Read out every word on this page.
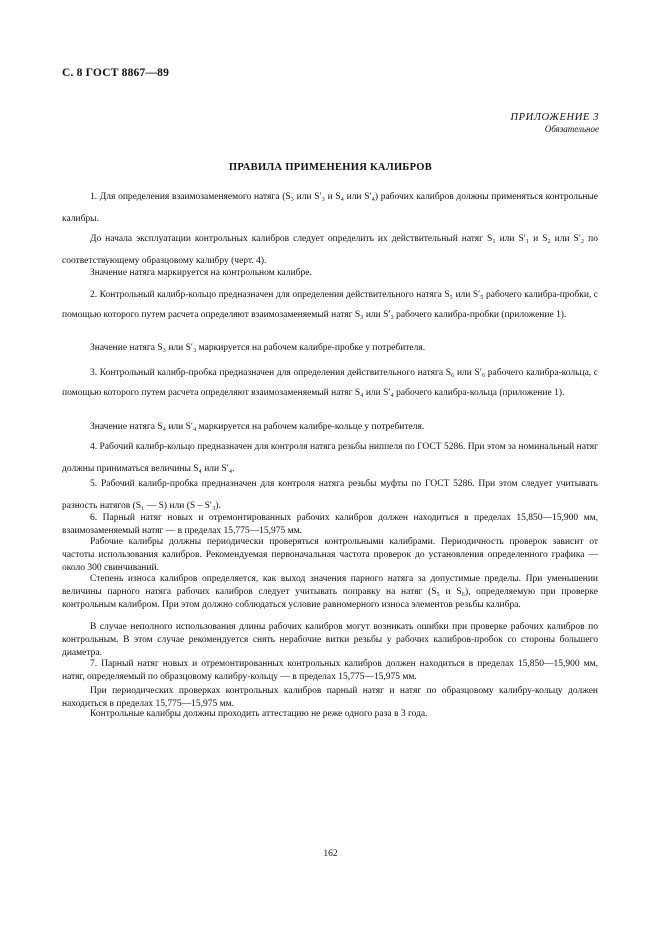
С. 8 ГОСТ 8867—89
ПРИЛОЖЕНИЕ 3
Обязательное
ПРАВИЛА ПРИМЕНЕНИЯ КАЛИБРОВ
1. Для определения взаимозаменяемого натяга (S₃ или S′₃ и S₄ или S′₄) рабочих калибров должны применяться контрольные калибры.
До начала эксплуатации контрольных калибров следует определить их действительный натяг S₁ или S′₁ и S₂ или S′₂ по соответствующему образцовому калибру (черт. 4).
Значение натяга маркируется на контрольном калибре.
2. Контрольный калибр-кольцо предназначен для определения действительного натяга S₅ или S′₅ рабочего калибра-пробки, с помощью которого путем расчета определяют взаимозаменяемый натяг S₃ или S′₃ рабочего калибра-пробки (приложение 1).
Значение натяга S₃ или S′₃ маркируется на рабочем калибре-пробке у потребителя.
3. Контрольный калибр-пробка предназначен для определения действительного натяга S₆ или S′₆ рабочего калибра-кольца, с помощью которого путем расчета определяют взаимозаменяемый натяг S₄ или S′₄ рабочего калибра-кольца (приложение 1).
Значение натяга S₄ или S′₄ маркируется на рабочем калибре-кольце у потребителя.
4. Рабочий калибр-кольцо предназначен для контроля натяга резьбы ниппеля по ГОСТ 5286. При этом за номинальный натяг должны приниматься величины S₄ или S′₄.
5. Рабочий калибр-пробка предназначен для контроля натяга резьбы муфты по ГОСТ 5286. При этом следует учитывать разность натягов (S₁ — S) или (S – S′₃).
6. Парный натяг новых и отремонтированных рабочих калибров должен находиться в пределах 15,850—15,900 мм, взаимозаменяемый натяг — в пределах 15,775—15,975 мм.
Рабочие калибры должны периодически проверяться контрольными калибрами. Периодичность проверок зависит от частоты использования калибров. Рекомендуемая первоначальная частота проверок до установления определенного графика — около 300 свинчиваний.
Степень износа калибров определяется, как выход значения парного натяга за допустимые пределы. При уменьшении величины парного натяга рабочих калибров следует учитывать поправку на натяг (S₅ и S₆), определяемую при проверке контрольным калибром. При этом должно соблюдаться условие равномерного износа элементов резьбы калибра.
В случае неполного использования длины рабочих калибров могут возникать ошибки при проверке рабочих калибров по контрольным. В этом случае рекомендуется снять нерабочие витки резьбы у рабочих калибров-пробок со стороны большего диаметра.
7. Парный натяг новых и отремонтированных контрольных калибров должен находиться в пределах 15,850—15,900 мм, натяг, определяемый по образцовому калибру-кольцу — в пределах 15,775—15,975 мм.
При периодических проверках контрольных калибров парный натяг и натяг по образцовому калибру-кольцу должен находиться в пределах 15,775—15,975 мм.
Контрольные калибры должны проходить аттестацию не реже одного раза в 3 года.
162
